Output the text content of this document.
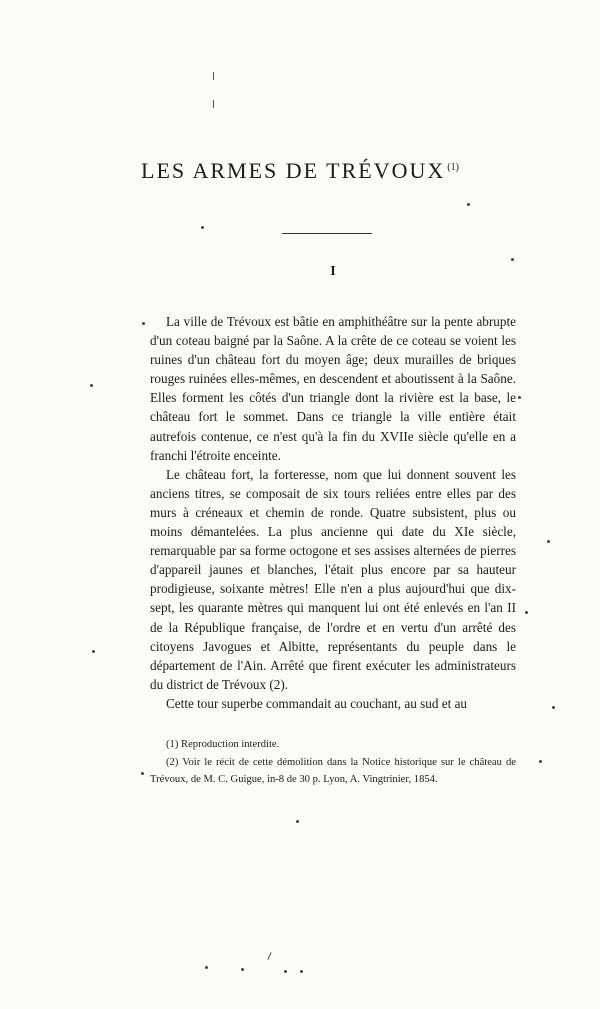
LES ARMES DE TRÉVOUX $^{(1)}$
I

La ville de Trévoux est bâtie en amphithéâtre sur la pente abrupte d'un coteau baigné par la Saône. A la crête de ce coteau se voient les ruines d'un château fort du moyen âge; deux murailles de briques rouges ruinées elles-mêmes, en descendent et aboutissent à la Saône. Elles forment les côtés d'un triangle dont la rivière est la base, le château fort le sommet. Dans ce triangle la ville entière était autrefois contenue, ce n'est qu'à la fin du XVIIe siècle qu'elle en a franchi l'étroite enceinte.

Le château fort, la forteresse, nom que lui donnent souvent les anciens titres, se composait de six tours reliées entre elles par des murs à créneaux et chemin de ronde. Quatre subsistent, plus ou moins démantelées. La plus ancienne qui date du XIe siècle, remarquable par sa forme octogone et ses assises alternées de pierres d'appareil jaunes et blanches, l'était plus encore par sa hauteur prodigieuse, soixante mètres! Elle n'en a plus aujourd'hui que dix-sept, les quarante mètres qui manquent lui ont été enlevés en l'an II de la République française, de l'ordre et en vertu d'un arrêté des citoyens Javogues et Albitte, représentants du peuple dans le département de l'Ain. Arrêté que firent exécuter les administrateurs du district de Trévoux (2).

Cette tour superbe commandait au couchant, au sud et au

(1) Reproduction interdite.

(2) Voir le récit de cette démolition dans la Notice historique sur le château de Trévoux, de M. C. Guigue, in-8 de 30 p. Lyon, A. Vingtrinier, 1854.
